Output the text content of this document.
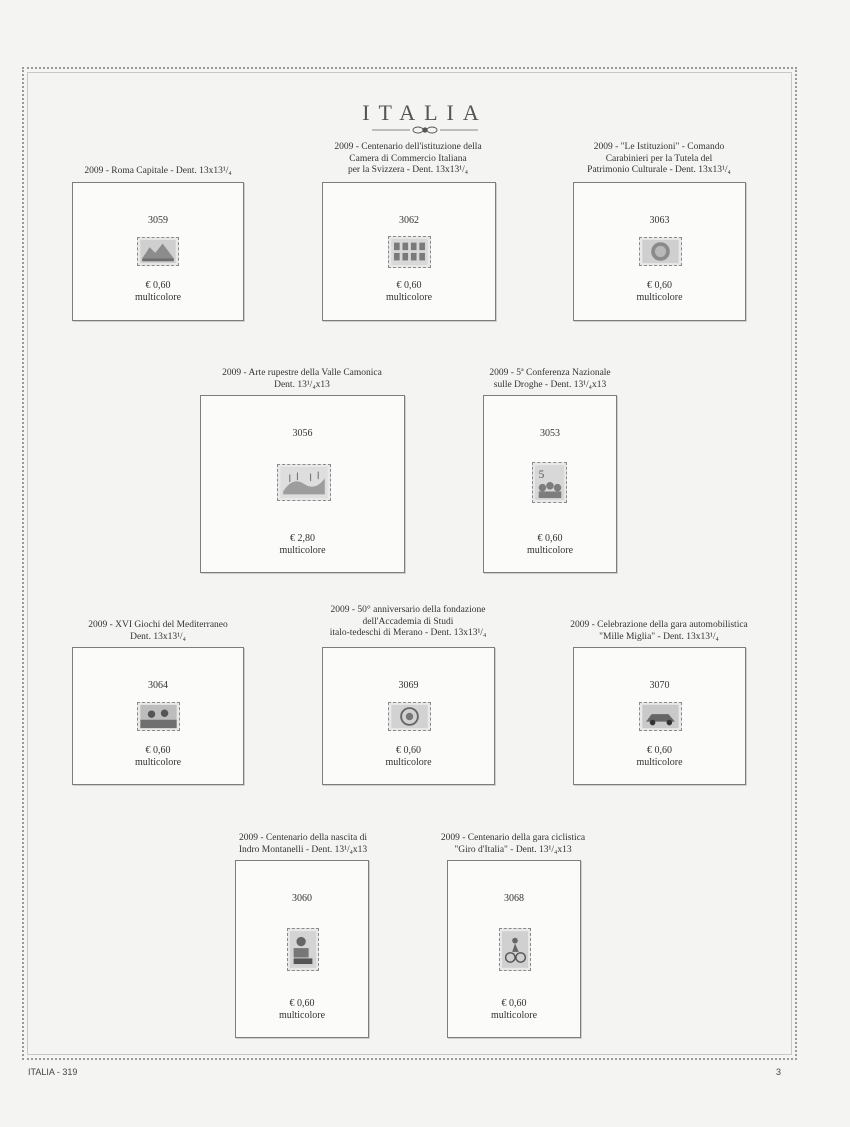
ITALIA
2009 - Roma Capitale - Dent. 13x13¹/₄
3059
€ 0,60
multicolore
2009 - Centenario dell'istituzione della
Camera di Commercio Italiana
per la Svizzera - Dent. 13x13¹/₄
3062
€ 0,60
multicolore
2009 - "Le Istituzioni" - Comando
Carabinieri per la Tutela del
Patrimonio Culturale - Dent. 13x13¹/₄
3063
€ 0,60
multicolore
2009 - Arte rupestre della Valle Camonica
Dent. 13¹/₄x13
3056
€ 2,80
multicolore
2009 - 5ª Conferenza Nazionale
sulle Droghe - Dent. 13¹/₄x13
3053
5
€ 0,60
multicolore
2009 - XVI Giochi del Mediterraneo
Dent. 13x13¹/₄
3064
€ 0,60
multicolore
2009 - 50° anniversario della fondazione
dell'Accademia di Studi
italo-tedeschi di Merano - Dent. 13x13¹/₄
3069
€ 0,60
multicolore
2009 - Celebrazione della gara automobilistica
"Mille Miglia" - Dent. 13x13¹/₄
3070
€ 0,60
multicolore
2009 - Centenario della nascita di
Indro Montanelli - Dent. 13¹/₄x13
3060
€ 0,60
multicolore
2009 - Centenario della gara ciclistica
"Giro d'Italia" - Dent. 13¹/₄x13
3068
€ 0,60
multicolore
ITALIA - 319	3
